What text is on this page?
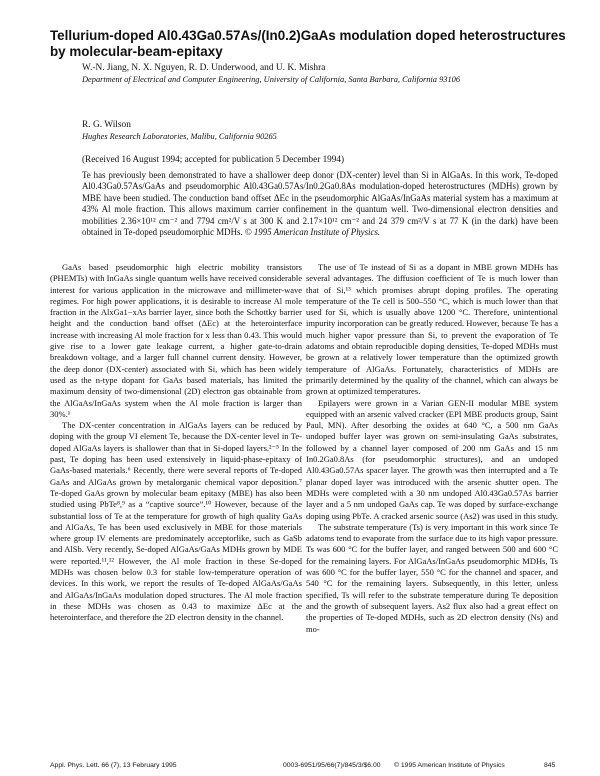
Tellurium-doped Al0.43Ga0.57As/(In0.2)GaAs modulation doped heterostructures by molecular-beam-epitaxy
W.-N. Jiang, N. X. Nguyen, R. D. Underwood, and U. K. Mishra
Department of Electrical and Computer Engineering, University of California, Santa Barbara, California 93106
R. G. Wilson
Hughes Research Laboratories, Malibu, California 90265
(Received 16 August 1994; accepted for publication 5 December 1994)

Te has previously been demonstrated to have a shallower deep donor (DX-center) level than Si in AlGaAs. In this work, Te-doped Al0.43Ga0.57As/GaAs and pseudomorphic Al0.43Ga0.57As/In0.2Ga0.8As modulation-doped heterostructures (MDHs) grown by MBE have been studied. The conduction band offset ΔEc in the pseudomorphic AlGaAs/InGaAs material system has a maximum at 43% Al mole fraction. This allows maximum carrier confinement in the quantum well. Two-dimensional electron densities and mobilities 2.36×10¹² cm⁻² and 7794 cm²/V s at 300 K and 2.17×10¹² cm⁻² and 24 379 cm²/V s at 77 K (in the dark) have been obtained in Te-doped pseudomorphic MDHs. © 1995 American Institute of Physics.

GaAs based pseudomorphic high electric mobility transistors (PHEMTs) with InGaAs single quantum wells have received considerable interest for various application in the microwave and millimeter-wave regimes. For high power applications, it is desirable to increase Al mole fraction in the AlxGa1−xAs barrier layer, since both the Schottky barrier height and the conduction band offset (ΔEc) at the heterointerface increase with increasing Al mole fraction for x less than 0.43. This would give rise to a lower gate leakage current, a higher gate-to-drain breakdown voltage, and a larger full channel current density. However, the deep donor (DX-center) associated with Si, which has been widely used as the n-type dopant for GaAs based materials, has limited the maximum density of two-dimensional (2D) electron gas obtainable from the AlGaAs/InGaAs system when the Al mole fraction is larger than 30%.¹

The DX-center concentration in AlGaAs layers can be reduced by doping with the group VI element Te, because the DX-center level in Te-doped AlGaAs layers is shallower than that in Si-doped layers.²⁻⁵ In the past, Te doping has been used extensively in liquid-phase-epitaxy of GaAs-based materials.⁶ Recently, there were several reports of Te-doped GaAs and AlGaAs grown by metalorganic chemical vapor deposition.⁷ Te-doped GaAs grown by molecular beam epitaxy (MBE) has also been studied using PbTe⁸,⁹ as a “captive source”.¹⁰ However, because of the substantial loss of Te at the temperature for growth of high quality GaAs and AlGaAs, Te has been used exclusively in MBE for those materials where group IV elements are predominately acceptorlike, such as GaSb and AlSb. Very recently, Se-doped AlGaAs/GaAs MDHs grown by MDE were reported.¹¹,¹² However, the Al mole fraction in these Se-doped MDHs was chosen below 0.3 for stable low-temperature operation of devices. In this work, we report the results of Te-doped AlGaAs/GaAs and AlGaAs/InGaAs modulation doped structures. The Al mole fraction in these MDHs was chosen as 0.43 to maximize ΔEc at the heterointerface, and therefore the 2D electron density in the channel.

The use of Te instead of Si as a dopant in MBE grown MDHs has several advantages. The diffusion coefficient of Te is much lower than that of Si,¹³ which promises abrupt doping profiles. The operating temperature of the Te cell is 500–550 °C, which is much lower than that used for Si, which is usually above 1200 °C. Therefore, unintentional impurity incorporation can be greatly reduced. However, because Te has a much higher vapor pressure than Si, to prevent the evaporation of Te adatoms and obtain reproducible doping densities, Te-doped MDHs must be grown at a relatively lower temperature than the optimized growth temperature of AlGaAs. Fortunately, characteristics of MDHs are primarily determined by the quality of the channel, which can always be grown at optimized temperatures.

Epilayers were grown in a Varian GEN-II modular MBE system equipped with an arsenic valved cracker (EPI MBE products group, Saint Paul, MN). After desorbing the oxides at 640 °C, a 500 nm GaAs undoped buffer layer was grown on semi-insulating GaAs substrates, followed by a channel layer composed of 200 nm GaAs and 15 nm In0.2Ga0.8As (for pseudomorphic structures), and an undoped Al0.43Ga0.57As spacer layer. The growth was then interrupted and a Te planar doped layer was introduced with the arsenic shutter open. The MDHs were completed with a 30 nm undoped Al0.43Ga0.57As barrier layer and a 5 nm undoped GaAs cap. Te was doped by surface-exchange doping using PbTe. A cracked arsenic source (As2) was used in this study.

The substrate temperature (Ts) is very important in this work since Te adatoms tend to evaporate from the surface due to its high vapor pressure. Ts was 600 °C for the buffer layer, and ranged between 500 and 600 °C for the remaining layers. For AlGaAs/InGaAs pseudomorphic MDHs, Ts was 600 °C for the buffer layer, 550 °C for the channel and spacer, and 540 °C for the remaining layers. Subsequently, in this letter, unless specified, Ts will refer to the substrate temperature during Te deposition and the growth of subsequent layers. As2 flux also had a great effect on the properties of Te-doped MDHs, such as 2D electron density (Ns) and mo-

Appl. Phys. Lett. 66 (7), 13 February 1995	0003-6951/95/66(7)/845/3/$6.00 © 1995 American Institute of Physics	845
